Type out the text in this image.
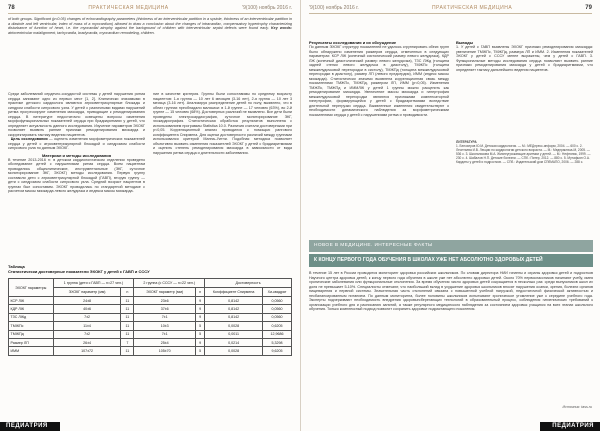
78	ПРАКТИЧЕСКАЯ МЕДИЦИНА	'9(100) ноябрь 2016 г.
of both groups. Significant (p<0.05) changes of echocardiography parameters (thickness of an interventricular partition in a systole, thickness of an interventricular partition in a diastole and left ventricular, index of mass of a myocardium) allowed to draw a conclusion about the changes of intracardiac, compensatory hypertrophy characterizing disturbance of function of heart, i.e. the myocardial atrophy against the background of children with interventricular septal defects were found early. Key words: atrioventricular malalignment, tachycardia, bradycardia, myocardium remodeling, children.
Среди заболеваний сердечно-сосудистой системы у детей нарушения ритма сердца занимают одно из первых мест [1, 2]. Клинически значимыми в практике детского кардиолога являются атриовентрикулярные блокады и синдром слабости синусового узла. У детей с различными видами нарушений ритма прогрессируют изменения миокарда, приводящие к ремоделированию сердца. В литературе недостаточно освещены вопросы изменения морфофункциональных показателей сердца при брадиаритмиях у детей, что определяет актуальность данного исследования. Изучение параметров ЭХОКГ позволяет выявить ранние признаки ремоделирования миокарда и скорректировать тактику ведения пациентов.
Цель исследования — оценить изменения морфометрических показателей сердца у детей с атриовентрикулярной блокадой и синдромом слабости синусового узла по данным ЭХОКГ.

Материал и методы исследования
В течение 2013-2016 гг. в детском кардиологическом отделении проведено обследование детей с нарушениями ритма сердца. Всем пациентам проводились общеклинические, инструментальные (ЭКГ, суточное мониторирование ЭКГ, ЭХОКГ) методы исследования. Первую группу составили дети с атриовентрикулярной блокадой (ГАВП), вторую группу — дети с синдромом слабости синусового узла. Средний возраст пациентов в группах был сопоставим. ЭХОКГ проводилась по стандартной методике с расчетом массы миокарда левого желудочка и индекса массы миокарда.
ние в качестве критерия. Группы были сопоставимы по среднему возрасту пациентов: 1-я группа — 10 лет 6 месяцев (3-16 лет), 2-я группа — 10 лет 3 месяца (3-16 лет). Анализируя распределение детей по полу, выявлено, что в обеих группах преобладали мальчики: в 1-й группе — 17 человек (63%), во 2-й группе — 15 человек (68%). Достоверных различий не выявлено. Все дети были проведены электрокардиография, суточное мониторирование ЭКГ, эхокардиография. Статистическая обработка результатов выполнена с использованием программы Statistica 10.0. Различия считали достоверными при p<0,05. Корреляционный анализ проводился с помощью рангового коэффициента Спирмена. Для оценки достоверности различий между группами использовался критерий Манна–Уитни. Подобная методика позволяет объективно выявить изменения показателей ЭХОКГ у детей с брадиаритмиями и оценить степень ремоделирования миокарда в зависимости от вида нарушения ритма сердца и длительности заболевания.
Таблица
Статистически достоверные показатели ЭХОКГ у детей с ГАВП и СССУ
ЭХОКГ параметры	1 группа (дети с ГАВП — n=27 чел.)		2 группа (с СССУ — n=22 чел.)		Достоверность	
	ЭХОКГ параметр (мм)	n	ЭХОКГ параметр (мм)	n	Коэффициент Спирмена	Хи-квадрат
КСР ЛЖ	24±8	11	23±6	9	0,8142	0,0560
КДР ЛЖ	40±6	11	37±6	9	0,8142	0,0560
ТЗС ЛЖд	7±2	11	7±1	9	0,8142	0,0560
ТМЖПс	11±4	11	10±3	5	0,0028	0,6205
ТМЖПд	7±2	11	7±1	5	0,0011	12,9686
Размер ЛП	26±4	7	25±4	9	0,0214	5,3298
ИММ	107±72	11	105±70	5	0,0028	9,6205
ПЕДИАТРИЯ
'9(100) ноябрь 2016 г.	ПРАКТИЧЕСКАЯ МЕДИЦИНА	79
Результаты исследования и их обсуждение
По данным ЭХОКГ структуру показателей не удалось сгруппировать обеих групп было обнаружено изменения размеров сердца, отмеченных в следующих параметрах: КСР ЛЖ (конечный систолический размер левого желудочка), КДР ЛЖ (конечный диастолический размер левого желудочка), ТЗС ЛЖд (толщина задней стенки левого желудочка в диастолу), ТМЖПс (толщина межжелудочковой перегородки в систолу), ТМЖПд (толщина межжелудочковой перегородки в диастолу), размер ЛП (левого предсердия), ИММ (индекс массы миокарда). Статистически значимо выявлена корреляционная связь между показателями ТМЖПс, ТМЖПд, размером ЛП, ИММ (p<0,05). Изменения ТМЖПс, ТМЖПд и ИММЛЖ у детей 1 группы можно расценить как ремоделирование миокарда. Увеличение массы миокарда и гипертрофия межжелудочковой перегородки являются признаками компенсаторной гипертрофии, формирующейся у детей с брадиаритмиями вследствие длительной перегрузки сердца. Выявленные изменения свидетельствуют о необходимости динамического наблюдения за морфометрическими показателями сердца у детей с нарушениями ритма и проводимости.
Выводы
1. У детей с ГАВП выявлены ЭХОКГ признаки ремоделирования миокарда: увеличение ТМЖПс, ТМЖПд, размера ЛП и ИММ. 2. Изменения показателей ЭХОКГ у детей с СССУ менее выражены, чем у детей с ГАВП. 3. Функциональные методы исследования сердца позволяют выявить ранние признаки ремоделирования миокарда у детей с брадиаритмиями, что определяет тактику дальнейшего ведения пациентов.
ЛИТЕРАТУРА
1. Белозеров Ю.М. Детская кардиология. — М.: МЕДпресс-информ, 2004. — 600 с. 2. Леонтьева И.В. Лекции по кардиологии детского возраста. — М.: Медпрактика-М, 2005. — 536 с. 3. Школьникова М.А. Жизнеугрожающие аритмии у детей. — М.: Нефтяник, 1999. — 230 с. 4. Шабалов Н.П. Детские болезни. — СПб.: Питер, 2012. — 880 с. 5. Мутафьян О.А. Кардиты у детей и подростков. — СПб.: Издательский дом СПбМАПО, 2006. — 288 с.
НОВОЕ В МЕДИЦИНЕ. ИНТЕРЕСНЫЕ ФАКТЫ
К КОНЦУ ПЕРВОГО ГОДА ОБУЧЕНИЯ В ШКОЛАХ УЖЕ НЕТ АБСОЛЮТНО ЗДОРОВЫХ ДЕТЕЙ
В течение 15 лет в России проводится мониторинг здоровья российских школьников. По словам директора НИИ гигиены и охраны здоровья детей и подростков Научного центра здоровья детей, к концу первого года обучения в школе уже нет абсолютно здоровых детей. Около 70% первоклассников начинают учебу, имея хронические заболевания или функциональные отклонения. За время обучения число здоровых детей сокращается в несколько раз: среди выпускников школ их доля не превышает 5-10%. Специалисты отмечают, что наибольший вклад в ухудшение здоровья школьников вносят нарушения осанки, зрения, болезни органов пищеварения и нервной системы. Значительная часть отклонений связана с повышенной учебной нагрузкой, недостаточной физической активностью и несбалансированным питанием. По данным мониторинга, более половины школьников испытывают хроническое утомление уже к середине учебного года. Эксперты подчеркивают необходимость внедрения здоровьесберегающих технологий в образовательный процесс, соблюдения гигиенических требований к организации учебного дня и расписанию занятий, а также регулярного медицинского наблюдения за состоянием здоровья учащихся на всех этапах школьного обучения. Только комплексный подход позволит сохранить здоровье подрастающего поколения.
Источник: tass.ru
ПЕДИАТРИЯ
